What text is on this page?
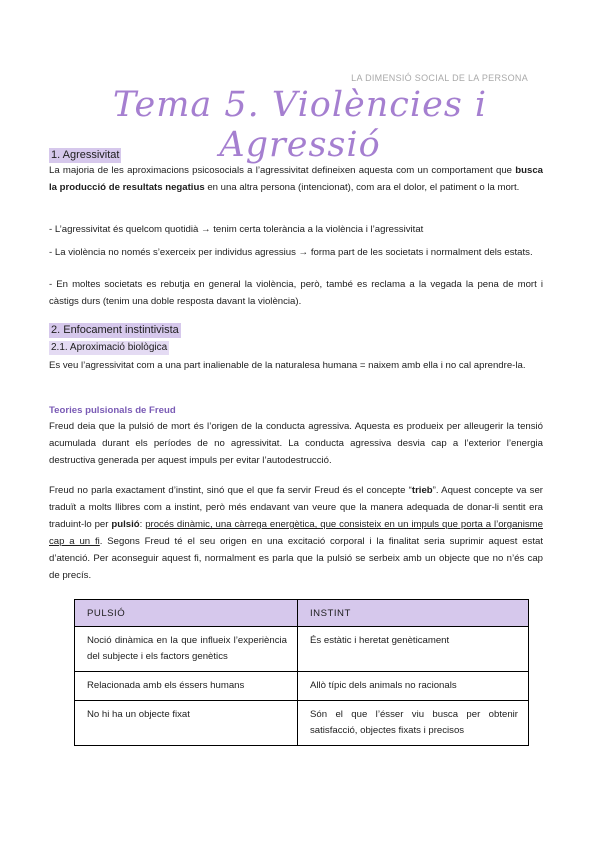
LA DIMENSIÓ SOCIAL DE LA PERSONA
Tema 5. Violències i Agressió
1. Agressivitat

La majoria de les aproximacions psicosocials a l’agressivitat defineixen aquesta com un comportament que busca la producció de resultats negatius en una altra persona (intencionat), com ara el dolor, el patiment o la mort.

- L’agressivitat és quelcom quotidià → tenim certa tolerància a la violència i l’agressivitat

- La violència no només s’exerceix per individus agressius → forma part de les societats i normalment dels estats.

- En moltes societats es rebutja en general la violència, però, també es reclama a la vegada la pena de mort i càstigs durs (tenim una doble resposta davant la violència).

2. Enfocament instintivista
2.1. Aproximació biològica

Es veu l’agressivitat com a una part inalienable de la naturalesa humana = naixem amb ella i no cal aprendre-la.

Teories pulsionals de Freud

Freud deia que la pulsió de mort és l’origen de la conducta agressiva. Aquesta es produeix per alleugerir la tensió acumulada durant els períodes de no agressivitat. La conducta agressiva desvia cap a l’exterior l’energia destructiva generada per aquest impuls per evitar l’autodestrucció.

Freud no parla exactament d’instint, sinó que el que fa servir Freud és el concepte “trieb”. Aquest concepte va ser traduït a molts llibres com a instint, però més endavant van veure que la manera adequada de donar-li sentit era traduint-lo per pulsió: procés dinàmic, una càrrega energètica, que consisteix en un impuls que porta a l’organisme cap a un fi. Segons Freud té el seu origen en una excitació corporal i la finalitat seria suprimir aquest estat d’atenció. Per aconseguir aquest fi, normalment es parla que la pulsió se serbeix amb un objecte que no n’és cap de precís.

PULSIÓ	INSTINT
Noció dinàmica en la que influeix l’experiència del subjecte i els factors genètics	És estàtic i heretat genèticament
Relacionada amb els éssers humans	Allò típic dels animals no racionals
No hi ha un objecte fixat	Són el que l’ésser viu busca per obtenir satisfacció, objectes fixats i precisos
